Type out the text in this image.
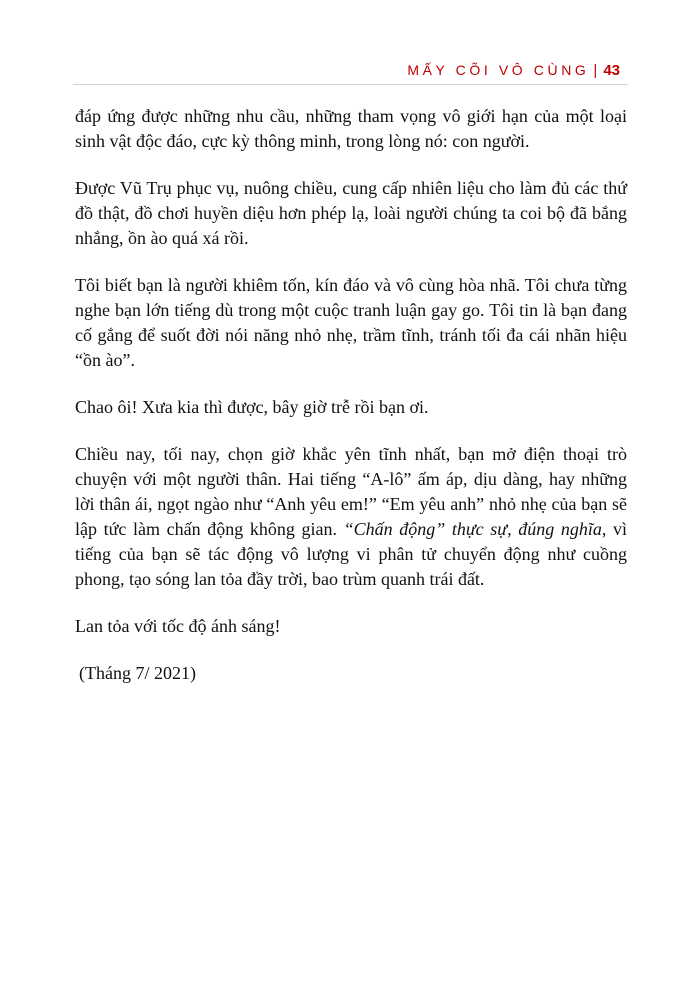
MẤY CÕI VÔ CÙNG | 43

đáp ứng được những nhu cầu, những tham vọng vô giới hạn của một loại sinh vật độc đáo, cực kỳ thông minh, trong lòng nó: con người.

Được Vũ Trụ phục vụ, nuông chiều, cung cấp nhiên liệu cho làm đủ các thứ đồ thật, đồ chơi huyền diệu hơn phép lạ, loài người chúng ta coi bộ đã bắng nhắng, ồn ào quá xá rồi.

Tôi biết bạn là người khiêm tốn, kín đáo và vô cùng hòa nhã. Tôi chưa từng nghe bạn lớn tiếng dù trong một cuộc tranh luận gay go. Tôi tin là bạn đang cố gắng để suốt đời nói năng nhỏ nhẹ, trầm tĩnh, tránh tối đa cái nhãn hiệu “ồn ào”.

Chao ôi! Xưa kia thì được, bây giờ trễ rồi bạn ơi.

Chiều nay, tối nay, chọn giờ khắc yên tĩnh nhất, bạn mở điện thoại trò chuyện với một người thân. Hai tiếng “A-lô” ấm áp, dịu dàng, hay những lời thân ái, ngọt ngào như “Anh yêu em!” “Em yêu anh” nhỏ nhẹ của bạn sẽ lập tức làm chấn động không gian. “Chấn động” thực sự, đúng nghĩa, vì tiếng của bạn sẽ tác động vô lượng vi phân tử chuyển động như cuồng phong, tạo sóng lan tỏa đầy trời, bao trùm quanh trái đất.

Lan tỏa với tốc độ ánh sáng!

(Tháng 7/ 2021)
